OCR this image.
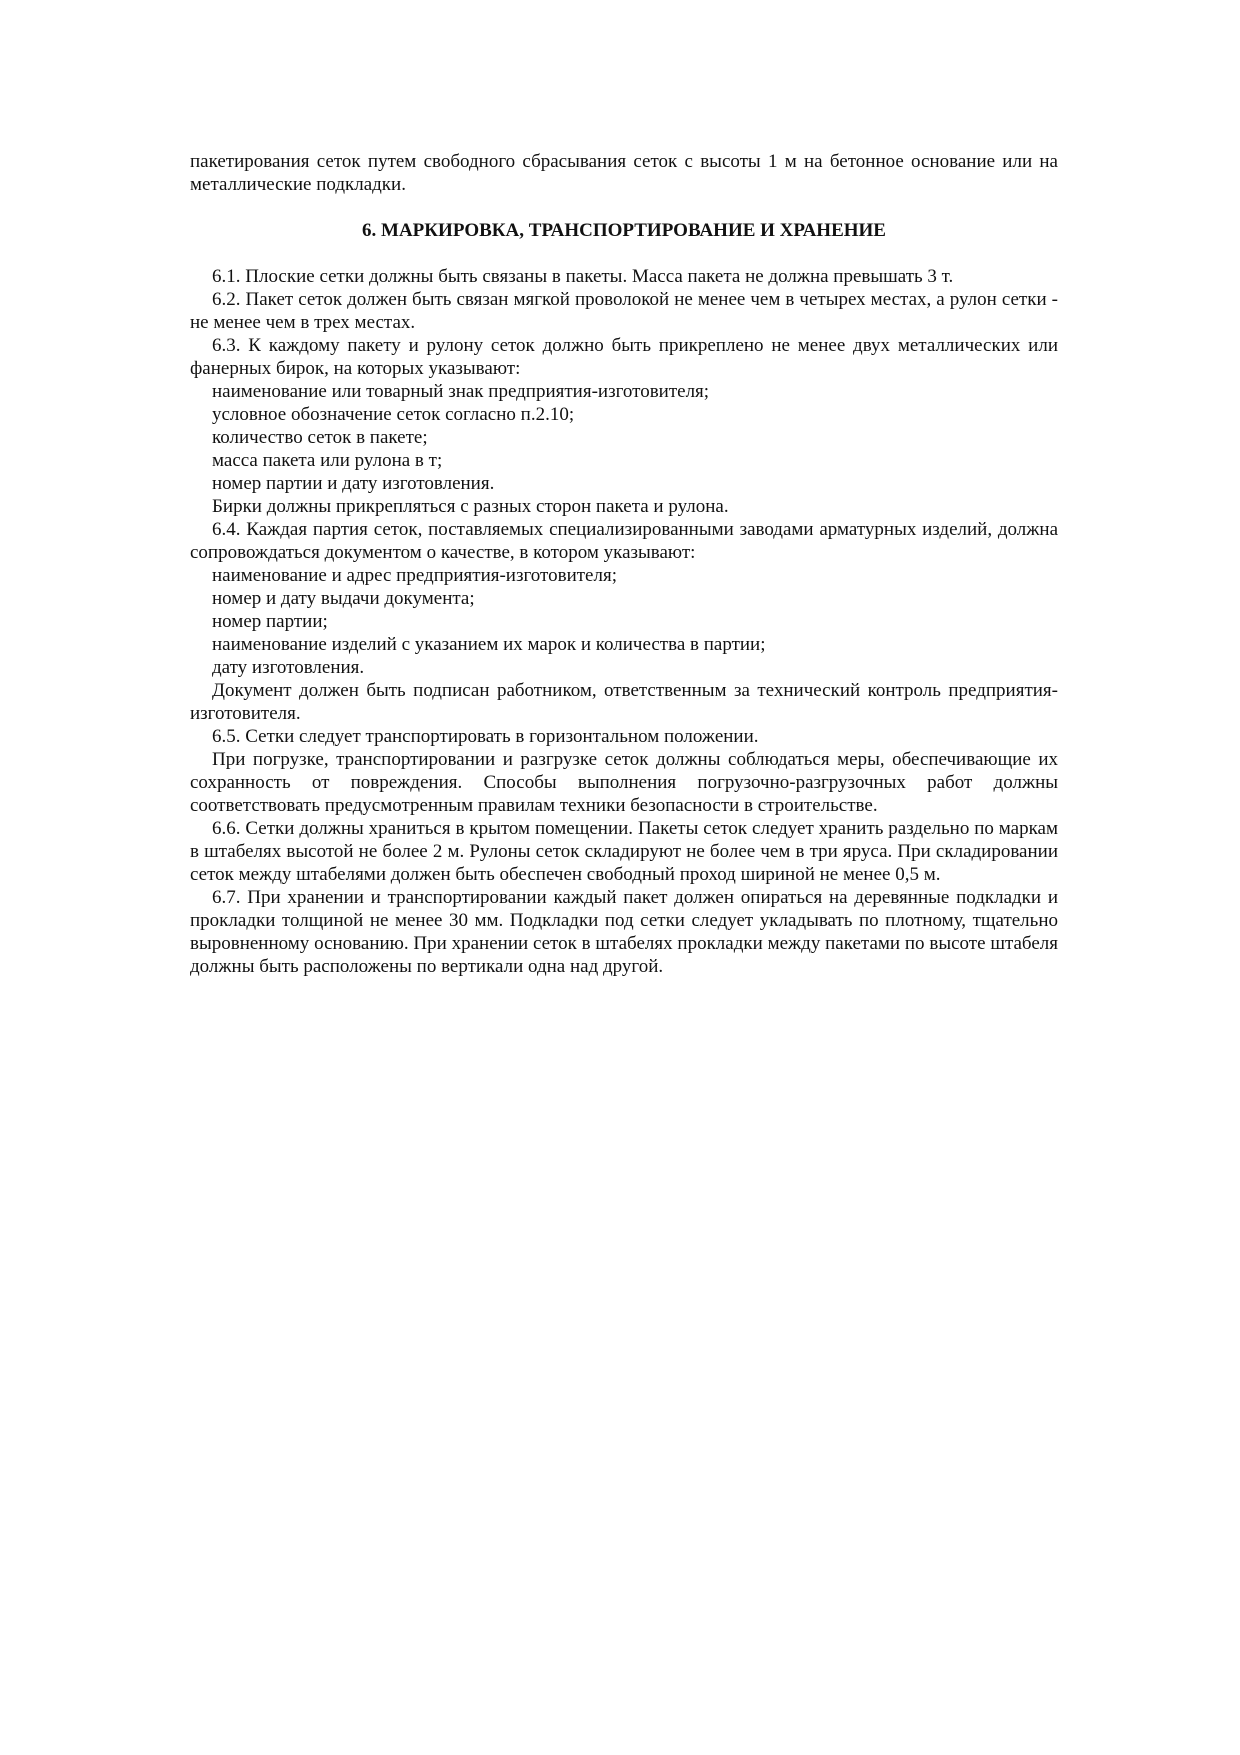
пакетирования сеток путем свободного сбрасывания сеток с высоты 1 м на бетонное основание или на металлические подкладки.

6. МАРКИРОВКА, ТРАНСПОРТИРОВАНИЕ И ХРАНЕНИЕ

6.1. Плоские сетки должны быть связаны в пакеты. Масса пакета не должна превышать 3 т.

6.2. Пакет сеток должен быть связан мягкой проволокой не менее чем в четырех местах, а рулон сетки - не менее чем в трех местах.

6.3. К каждому пакету и рулону сеток должно быть прикреплено не менее двух металлических или фанерных бирок, на которых указывают:

наименование или товарный знак предприятия-изготовителя;

условное обозначение сеток согласно п.2.10;

количество сеток в пакете;

масса пакета или рулона в т;

номер партии и дату изготовления.

Бирки должны прикрепляться с разных сторон пакета и рулона.

6.4. Каждая партия сеток, поставляемых специализированными заводами арматурных изделий, должна сопровождаться документом о качестве, в котором указывают:

наименование и адрес предприятия-изготовителя;

номер и дату выдачи документа;

номер партии;

наименование изделий с указанием их марок и количества в партии;

дату изготовления.

Документ должен быть подписан работником, ответственным за технический контроль предприятия-изготовителя.

6.5. Сетки следует транспортировать в горизонтальном положении.

При погрузке, транспортировании и разгрузке сеток должны соблюдаться меры, обеспечивающие их сохранность от повреждения. Способы выполнения погрузочно-разгрузочных работ должны соответствовать предусмотренным правилам техники безопасности в строительстве.

6.6. Сетки должны храниться в крытом помещении. Пакеты сеток следует хранить раздельно по маркам в штабелях высотой не более 2 м. Рулоны сеток складируют не более чем в три яруса. При складировании сеток между штабелями должен быть обеспечен свободный проход шириной не менее 0,5 м.

6.7. При хранении и транспортировании каждый пакет должен опираться на деревянные подкладки и прокладки толщиной не менее 30 мм. Подкладки под сетки следует укладывать по плотному, тщательно выровненному основанию. При хранении сеток в штабелях прокладки между пакетами по высоте штабеля должны быть расположены по вертикали одна над другой.
